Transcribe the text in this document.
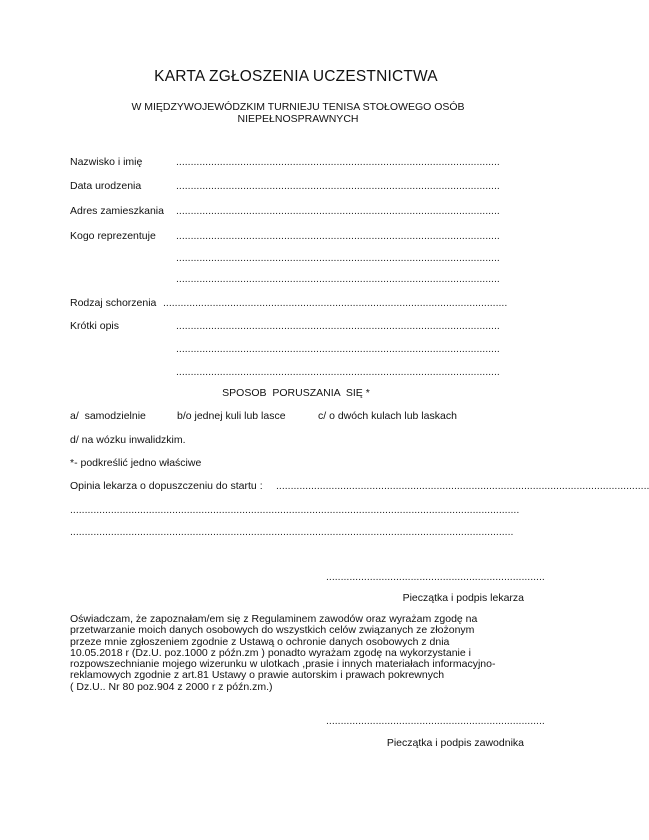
KARTA ZGŁOSZENIA UCZESTNICTWA
W MIĘDZYWOJEWÓDZKIM TURNIEJU TENISA STOŁOWEGO OSÓB NIEPEŁNOSPRAWNYCH
Nazwisko i imię	...............................................................................................................
Data urodzenia	...............................................................................................................
Adres zamieszkania ...............................................................................................................
Kogo reprezentuje ...............................................................................................................
...............................................................................................................
...............................................................................................................
Rodzaj schorzenia ......................................................................................................................
Krótki opis	...............................................................................................................
...............................................................................................................
...............................................................................................................
SPOSOB  PORUSZANIA  SIĘ *
a/  samodzielnie	b/o jednej kuli lub lasce	c/ o dwóch kulach lub laskach
d/ na wózku inwalidzkim.
*- podkreślić jedno właściwe
Opinia lekarza o dopuszczeniu do startu : ................................................................................................................................
..........................................................................................................................................................
........................................................................................................................................................
...........................................................................
Pieczątka i podpis lekarza
Oświadczam, że zapoznałam/em się z Regulaminem zawodów oraz wyrażam zgodę na
przetwarzanie moich danych osobowych do wszystkich celów związanych ze złożonym
przeze mnie zgłoszeniem zgodnie z Ustawą o ochronie danych osobowych z dnia
10.05.2018 r (Dz.U. poz.1000 z późn.zm ) ponadto wyrażam zgodę na wykorzystanie i
rozpowszechnianie mojego wizerunku w ulotkach ,prasie i innych materiałach informacyjno-
reklamowych zgodnie z art.81 Ustawy o prawie autorskim i prawach pokrewnych
( Dz.U.. Nr 80 poz.904 z 2000 r z późn.zm.)
...........................................................................
Pieczątka i podpis zawodnika
